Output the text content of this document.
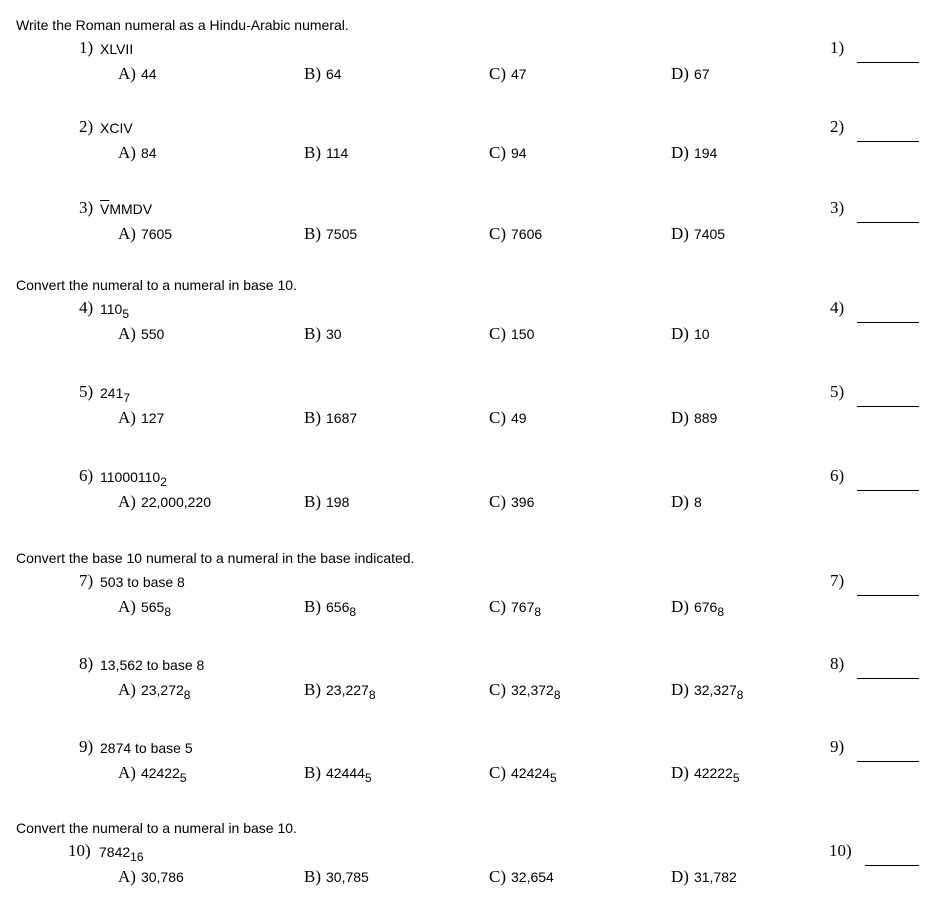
Write the Roman numeral as a Hindu-Arabic numeral.
Convert the numeral to a numeral in base 10.
Convert the base 10 numeral to a numeral in the base indicated.
Convert the numeral to a numeral in base 10.
1) XLVII
A) 44	B) 64	C) 47	D) 67
1)
2) XCIV
A) 84	B) 114	C) 94	D) 194
2)
3) $\overline{V}MMDV$
A) 7605	B) 7505	C) 7606	D) 7405
3)
4) $110_5$
A) 550	B) 30	C) 150	D) 10
4)
5) $241_7$
A) 127	B) 1687	C) 49	D) 889
5)
6) $11000110_2$
A) 22,000,220	B) 198	C) 396	D) 8
6)
7) 503 to base 8
A) $565_8$	B) $656_8$	C) $767_8$	D) $676_8$
7)
8) 13,562 to base 8
A) $23,272_8$	B) $23,227_8$	C) $32,372_8$	D) $32,327_8$
8)
9) 2874 to base 5
A) $42422_5$	B) $42444_5$	C) $42424_5$	D) $42222_5$
9)
10) $7842_{16}$
A) 30,786	B) 30,785	C) 32,654	D) 31,782
10)
